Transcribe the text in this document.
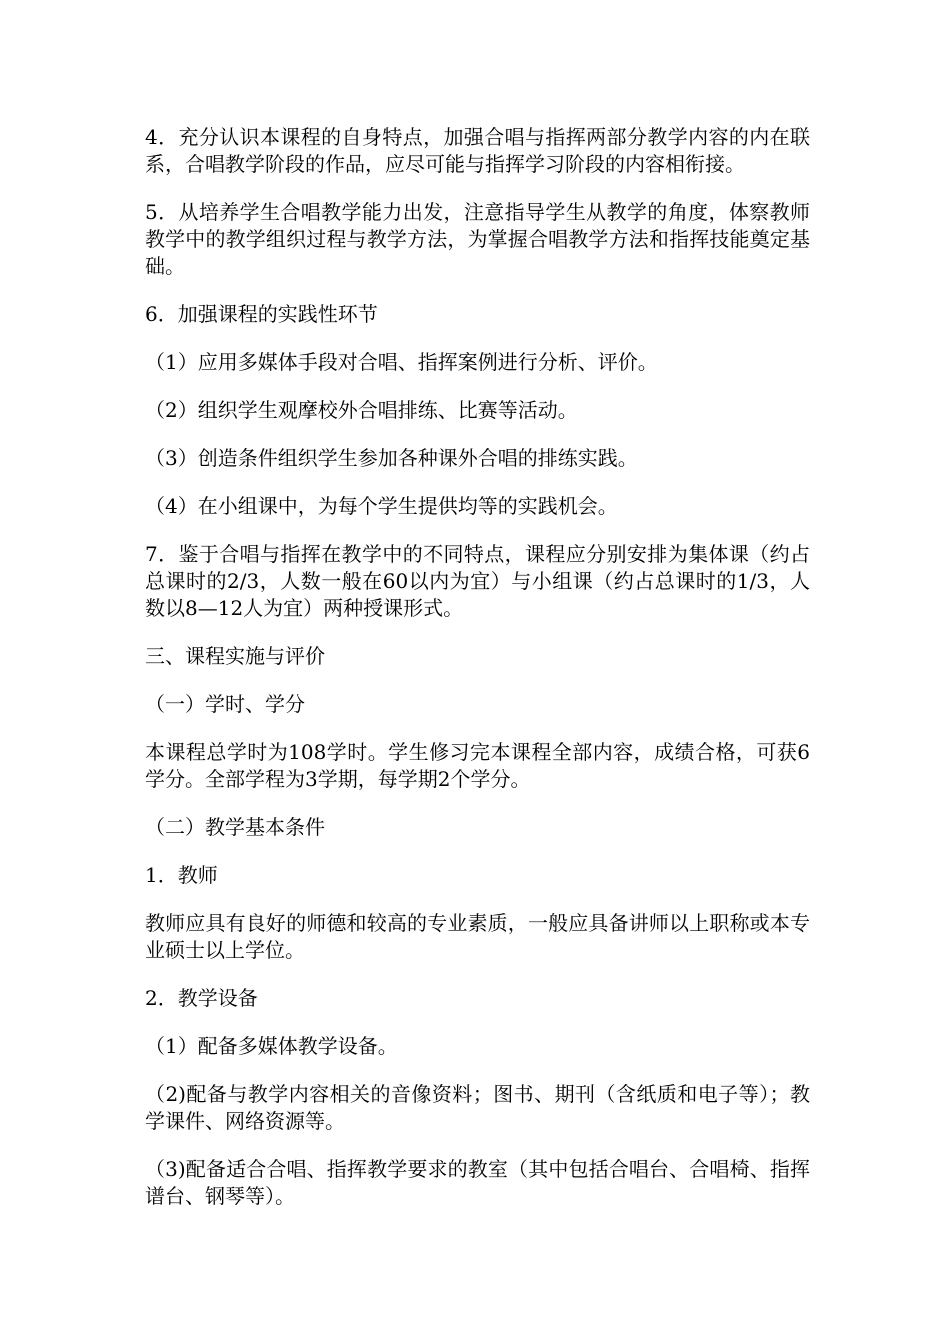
4．充分认识本课程的自身特点，加强合唱与指挥两部分教学内容的内在联系，合唱教学阶段的作品，应尽可能与指挥学习阶段的内容相衔接。

5．从培养学生合唱教学能力出发，注意指导学生从教学的角度，体察教师教学中的教学组织过程与教学方法，为掌握合唱教学方法和指挥技能奠定基础。

6．加强课程的实践性环节

（1）应用多媒体手段对合唱、指挥案例进行分析、评价。

（2）组织学生观摩校外合唱排练、比赛等活动。

（3）创造条件组织学生参加各种课外合唱的排练实践。

（4）在小组课中，为每个学生提供均等的实践机会。

7．鉴于合唱与指挥在教学中的不同特点，课程应分别安排为集体课（约占总课时的2/3，人数一般在60以内为宜）与小组课（约占总课时的1/3，人数以8—12人为宜）两种授课形式。

三、课程实施与评价

（一）学时、学分

本课程总学时为108学时。学生修习完本课程全部内容，成绩合格，可获6学分。全部学程为3学期，每学期2个学分。

（二）教学基本条件

1．教师

教师应具有良好的师德和较高的专业素质，一般应具备讲师以上职称或本专业硕士以上学位。

2．教学设备

（1）配备多媒体教学设备。

（2)配备与教学内容相关的音像资料；图书、期刊（含纸质和电子等）；教学课件、网络资源等。

（3)配备适合合唱、指挥教学要求的教室（其中包括合唱台、合唱椅、指挥谱台、钢琴等）。
